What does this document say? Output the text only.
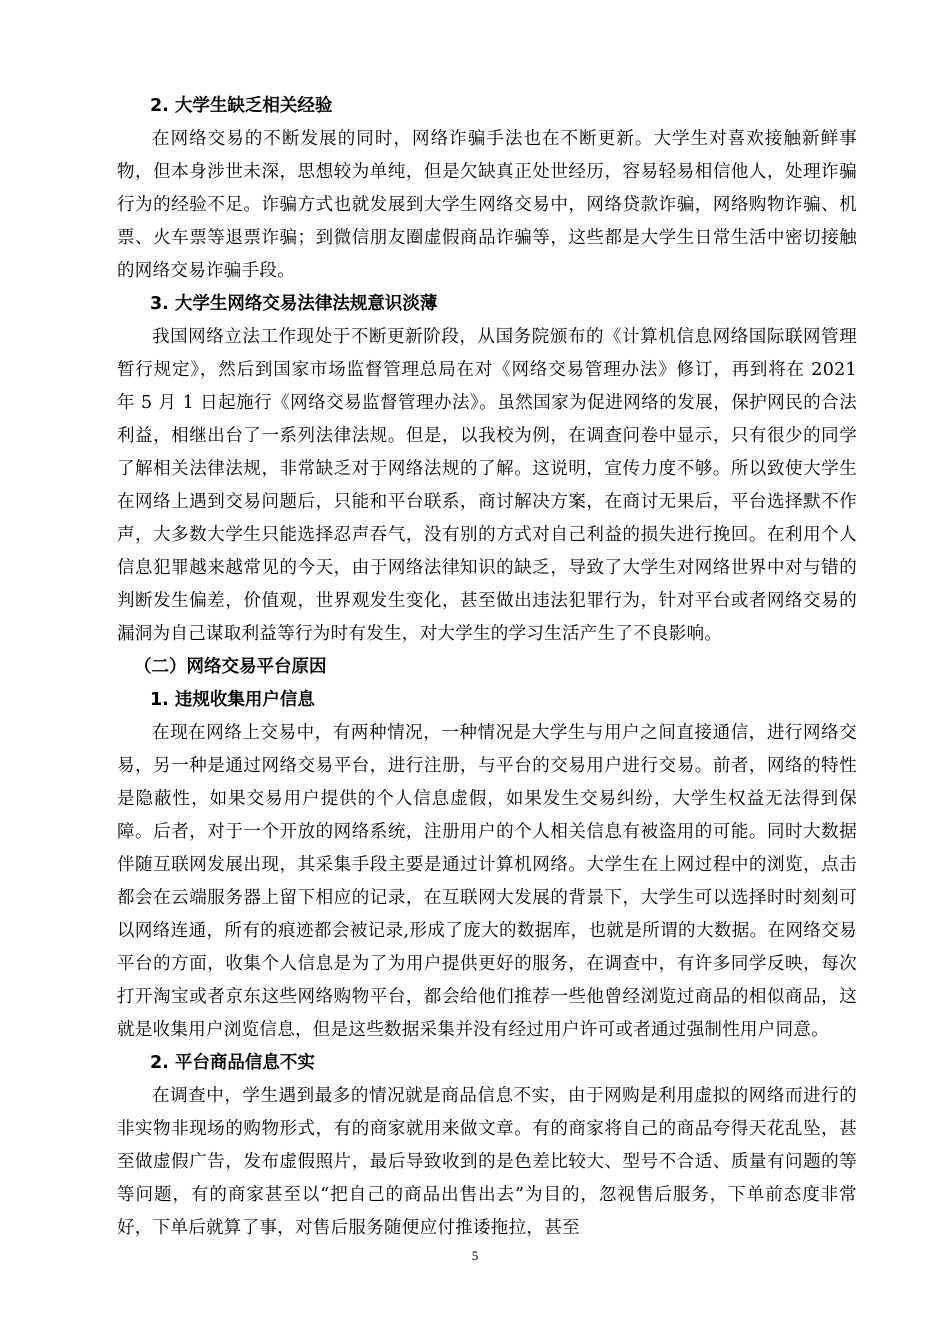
2. 大学生缺乏相关经验

在网络交易的不断发展的同时，网络诈骗手法也在不断更新。大学生对喜欢接触新鲜事物，但本身涉世未深，思想较为单纯，但是欠缺真正处世经历，容易轻易相信他人，处理诈骗行为的经验不足。诈骗方式也就发展到大学生网络交易中，网络贷款诈骗，网络购物诈骗、机票、火车票等退票诈骗；到微信朋友圈虚假商品诈骗等，这些都是大学生日常生活中密切接触的网络交易诈骗手段。

3. 大学生网络交易法律法规意识淡薄

我国网络立法工作现处于不断更新阶段，从国务院颁布的《计算机信息网络国际联网管理暂行规定》，然后到国家市场监督管理总局在对《网络交易管理办法》修订，再到将在 2021 年 5 月 1 日起施行《网络交易监督管理办法》。虽然国家为促进网络的发展，保护网民的合法利益，相继出台了一系列法律法规。但是，以我校为例，在调查问卷中显示，只有很少的同学了解相关法律法规，非常缺乏对于网络法规的了解。这说明，宣传力度不够。所以致使大学生在网络上遇到交易问题后，只能和平台联系，商讨解决方案，在商讨无果后，平台选择默不作声，大多数大学生只能选择忍声吞气，没有别的方式对自己利益的损失进行挽回。在利用个人信息犯罪越来越常见的今天，由于网络法律知识的缺乏，导致了大学生对网络世界中对与错的判断发生偏差，价值观，世界观发生变化，甚至做出违法犯罪行为，针对平台或者网络交易的漏洞为自己谋取利益等行为时有发生，对大学生的学习生活产生了不良影响。

（二）网络交易平台原因
1. 违规收集用户信息

在现在网络上交易中，有两种情况，一种情况是大学生与用户之间直接通信，进行网络交易，另一种是通过网络交易平台，进行注册，与平台的交易用户进行交易。前者，网络的特性是隐蔽性，如果交易用户提供的个人信息虚假，如果发生交易纠纷，大学生权益无法得到保障。后者，对于一个开放的网络系统，注册用户的个人相关信息有被盗用的可能。同时大数据伴随互联网发展出现，其采集手段主要是通过计算机网络。大学生在上网过程中的浏览，点击都会在云端服务器上留下相应的记录，在互联网大发展的背景下，大学生可以选择时时刻刻可以网络连通，所有的痕迹都会被记录,形成了庞大的数据库，也就是所谓的大数据。在网络交易平台的方面，收集个人信息是为了为用户提供更好的服务，在调查中，有许多同学反映，每次打开淘宝或者京东这些网络购物平台，都会给他们推荐一些他曾经浏览过商品的相似商品，这就是收集用户浏览信息，但是这些数据采集并没有经过用户许可或者通过强制性用户同意。

2. 平台商品信息不实

在调查中，学生遇到最多的情况就是商品信息不实，由于网购是利用虚拟的网络而进行的非实物非现场的购物形式，有的商家就用来做文章。有的商家将自己的商品夸得天花乱坠，甚至做虚假广告，发布虚假照片，最后导致收到的是色差比较大、型号不合适、质量有问题的等等问题，有的商家甚至以“把自己的商品出售出去”为目的，忽视售后服务，下单前态度非常好，下单后就算了事，对售后服务随便应付推诿拖拉，甚至

5
